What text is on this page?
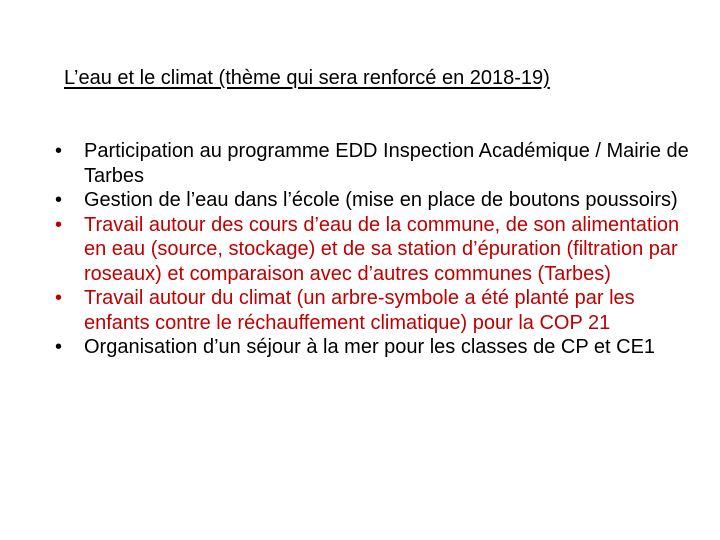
L’eau et le climat (thème qui sera renforcé en 2018-19)
•	Participation au programme EDD Inspection Académique / Mairie de Tarbes
•	Gestion de l’eau dans l’école (mise en place de boutons poussoirs)
•	Travail autour des cours d’eau de la commune, de son alimentation en eau (source, stockage) et de sa station d’épuration (filtration par roseaux) et comparaison avec d’autres communes (Tarbes)
•	Travail autour du climat (un arbre-symbole a été planté par les enfants contre le réchauffement climatique) pour la COP 21
•	Organisation d’un séjour à la mer pour les classes de CP et CE1
